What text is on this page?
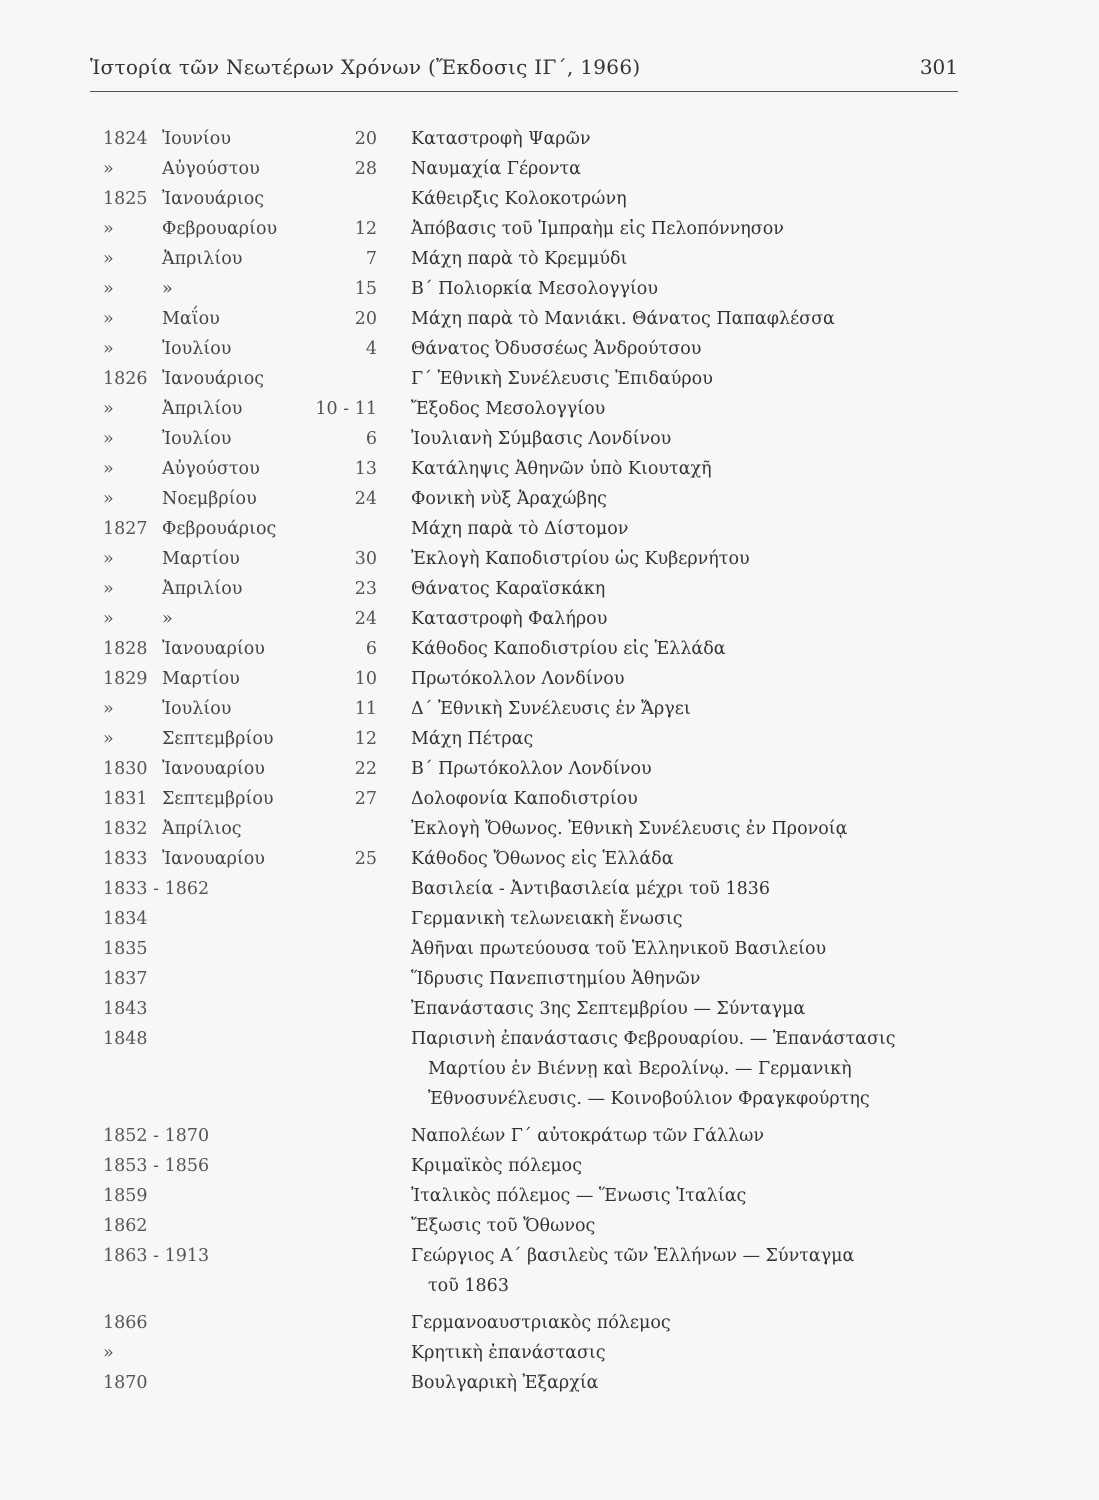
Ἱστορία τῶν Νεωτέρων Χρόνων (Ἔκδοσις ΙΓ΄, 1966)	301
1824 Ἰουνίου	20 Καταστροφὴ Ψαρῶν
»	Αὐγούστου	28 Ναυμαχία Γέροντα
1825 Ἰανουάριος	Κάθειρξις Κολοκοτρώνη
»	Φεβρουαρίου	12 Ἀπόβασις τοῦ Ἰμπραὴμ εἰς Πελοπόννησον
»	Ἀπριλίου	7 Μάχη παρὰ τὸ Κρεμμύδι
»	»	15 Β΄ Πολιορκία Μεσολογγίου
»	Μαΐου	20 Μάχη παρὰ τὸ Μανιάκι. Θάνατος Παπαφλέσσα
»	Ἰουλίου	4 Θάνατος Ὀδυσσέως Ἀνδρούτσου
1826 Ἰανουάριος	Γ΄ Ἐθνικὴ Συνέλευσις Ἐπιδαύρου
»	Ἀπριλίου	10 - 11 Ἔξοδος Μεσολογγίου
»	Ἰουλίου	6 Ἰουλιανὴ Σύμβασις Λονδίνου
»	Αὐγούστου	13 Κατάληψις Ἀθηνῶν ὑπὸ Κιουταχῆ
»	Νοεμβρίου	24 Φονικὴ νὺξ Ἀραχώβης
1827 Φεβρουάριος	Μάχη παρὰ τὸ Δίστομον
»	Μαρτίου	30 Ἐκλογὴ Καποδιστρίου ὡς Κυβερνήτου
»	Ἀπριλίου	23 Θάνατος Καραϊσκάκη
»	»	24 Καταστροφὴ Φαλήρου
1828 Ἰανουαρίου	6 Κάθοδος Καποδιστρίου εἰς Ἑλλάδα
1829 Μαρτίου	10 Πρωτόκολλον Λονδίνου
»	Ἰουλίου	11 Δ΄ Ἐθνικὴ Συνέλευσις ἐν Ἄργει
»	Σεπτεμβρίου	12 Μάχη Πέτρας
1830 Ἰανουαρίου	22 Β΄ Πρωτόκολλον Λονδίνου
1831 Σεπτεμβρίου	27 Δολοφονία Καποδιστρίου
1832 Ἀπρίλιος	Ἐκλογὴ Ὄθωνος. Ἐθνικὴ Συνέλευσις ἐν Προνοίᾳ
1833 Ἰανουαρίου	25 Κάθοδος Ὄθωνος εἰς Ἑλλάδα
1833 - 1862	Βασιλεία - Ἀντιβασιλεία μέχρι τοῦ 1836
1834	Γερμανικὴ τελωνειακὴ ἕνωσις
1835	Ἀθῆναι πρωτεύουσα τοῦ Ἑλληνικοῦ Βασιλείου
1837	Ἵδρυσις Πανεπιστημίου Ἀθηνῶν
1843	Ἐπανάστασις 3ης Σεπτεμβρίου — Σύνταγμα
1848	Παρισινὴ ἐπανάστασις Φεβρουαρίου. — Ἐπανάστασις
Μαρτίου ἐν Βιέννῃ καὶ Βερολίνῳ. — Γερμανικὴ
Ἐθνοσυνέλευσις. — Κοινοβούλιον Φραγκφούρτης
1852 - 1870	Ναπολέων Γ΄ αὐτοκράτωρ τῶν Γάλλων
1853 - 1856	Κριμαϊκὸς πόλεμος
1859	Ἰταλικὸς πόλεμος — Ἕνωσις Ἰταλίας
1862	Ἔξωσις τοῦ Ὄθωνος
1863 - 1913	Γεώργιος Α΄ βασιλεὺς τῶν Ἑλλήνων — Σύνταγμα
τοῦ 1863
1866	Γερμανοαυστριακὸς πόλεμος
»	Κρητικὴ ἐπανάστασις
1870	Βουλγαρικὴ Ἐξαρχία
